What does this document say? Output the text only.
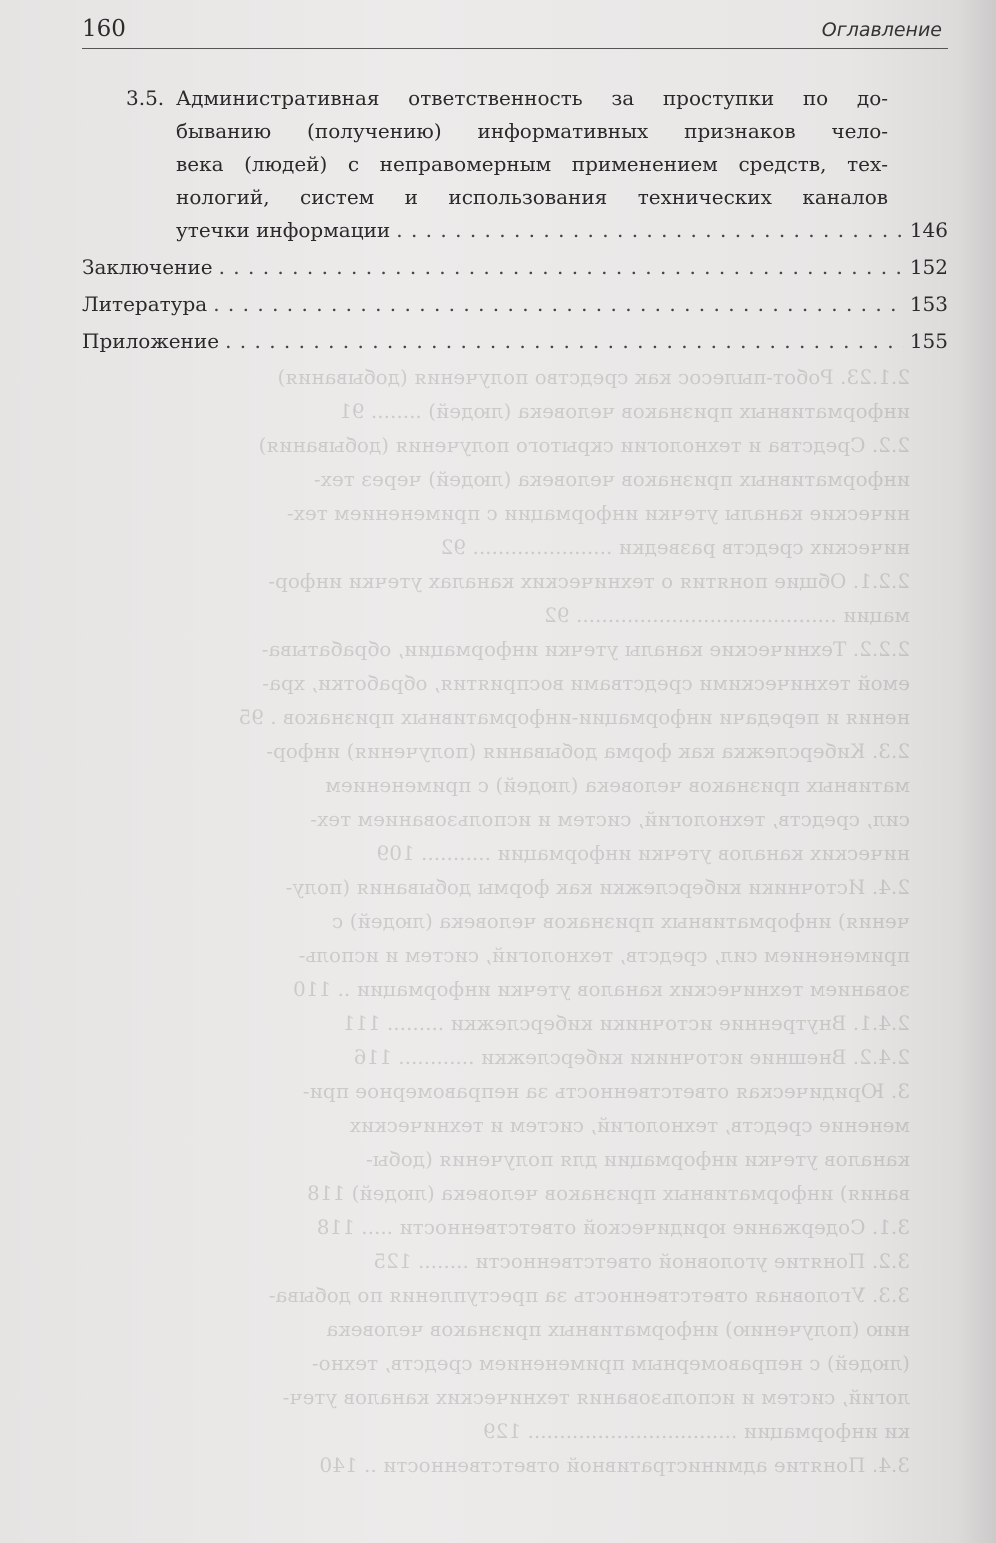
2.1.23. Робот-пылесос как средство получения (добывания)
информативных признаков человека (людей) ........ 91
2.2. Средства и технологии скрытого получения (добывания)
информативных признаков человека (людей) через тех-
нические каналы утечки информации с применением тех-
нических средств разведки ...................... 92
2.2.1. Общие понятия о технических каналах утечки инфор-
мации ......................................... 92
2.2.2. Технические каналы утечки информации, обрабатыва-
емой техническими средствами восприятия, обработки, хра-
нения и передачи информации-информативных признаков . 95
2.3. Киберслежка как форма добывания (получения) инфор-
мативных признаков человека (людей) с применением
сил, средств, технологий, систем и использованием тех-
нических каналов утечки информации ........... 109
2.4. Источники киберслежки как формы добывания (полу-
чения) информативных признаков человека (людей) с
применением сил, средств, технологий, систем и исполь-
зованием технических каналов утечки информации .. 110
2.4.1. Внутренние источники киберслежки ......... 111
2.4.2. Внешние источники киберслежки ............ 116
3. Юридическая ответственность за неправомерное при-
менение средств, технологий, систем и технических
каналов утечки информации для получения (добы-
вания) информативных признаков человека (людей) 118
3.1. Содержание юридической ответственности ..... 118
3.2. Понятие уголовной ответственности ........ 125
3.3. Уголовная ответственность за преступления по добыва-
нию (получению) информативных признаков человека
(людей) с неправомерным применением средств, техно-
логий, систем и использования технических каналов утеч-
ки информации ................................. 129
3.4. Понятие административной ответственности .. 140
160	Оглавление
3.5. Административная ответственность за проступки по до-
быванию (получению) информативных признаков чело-
века (людей) с неправомерным применением средств, тех-
нологий, систем и использования технических каналов
утечки информации . . .	146
Заключение . . .	152
Литература . . .	153
Приложение . . .	155
